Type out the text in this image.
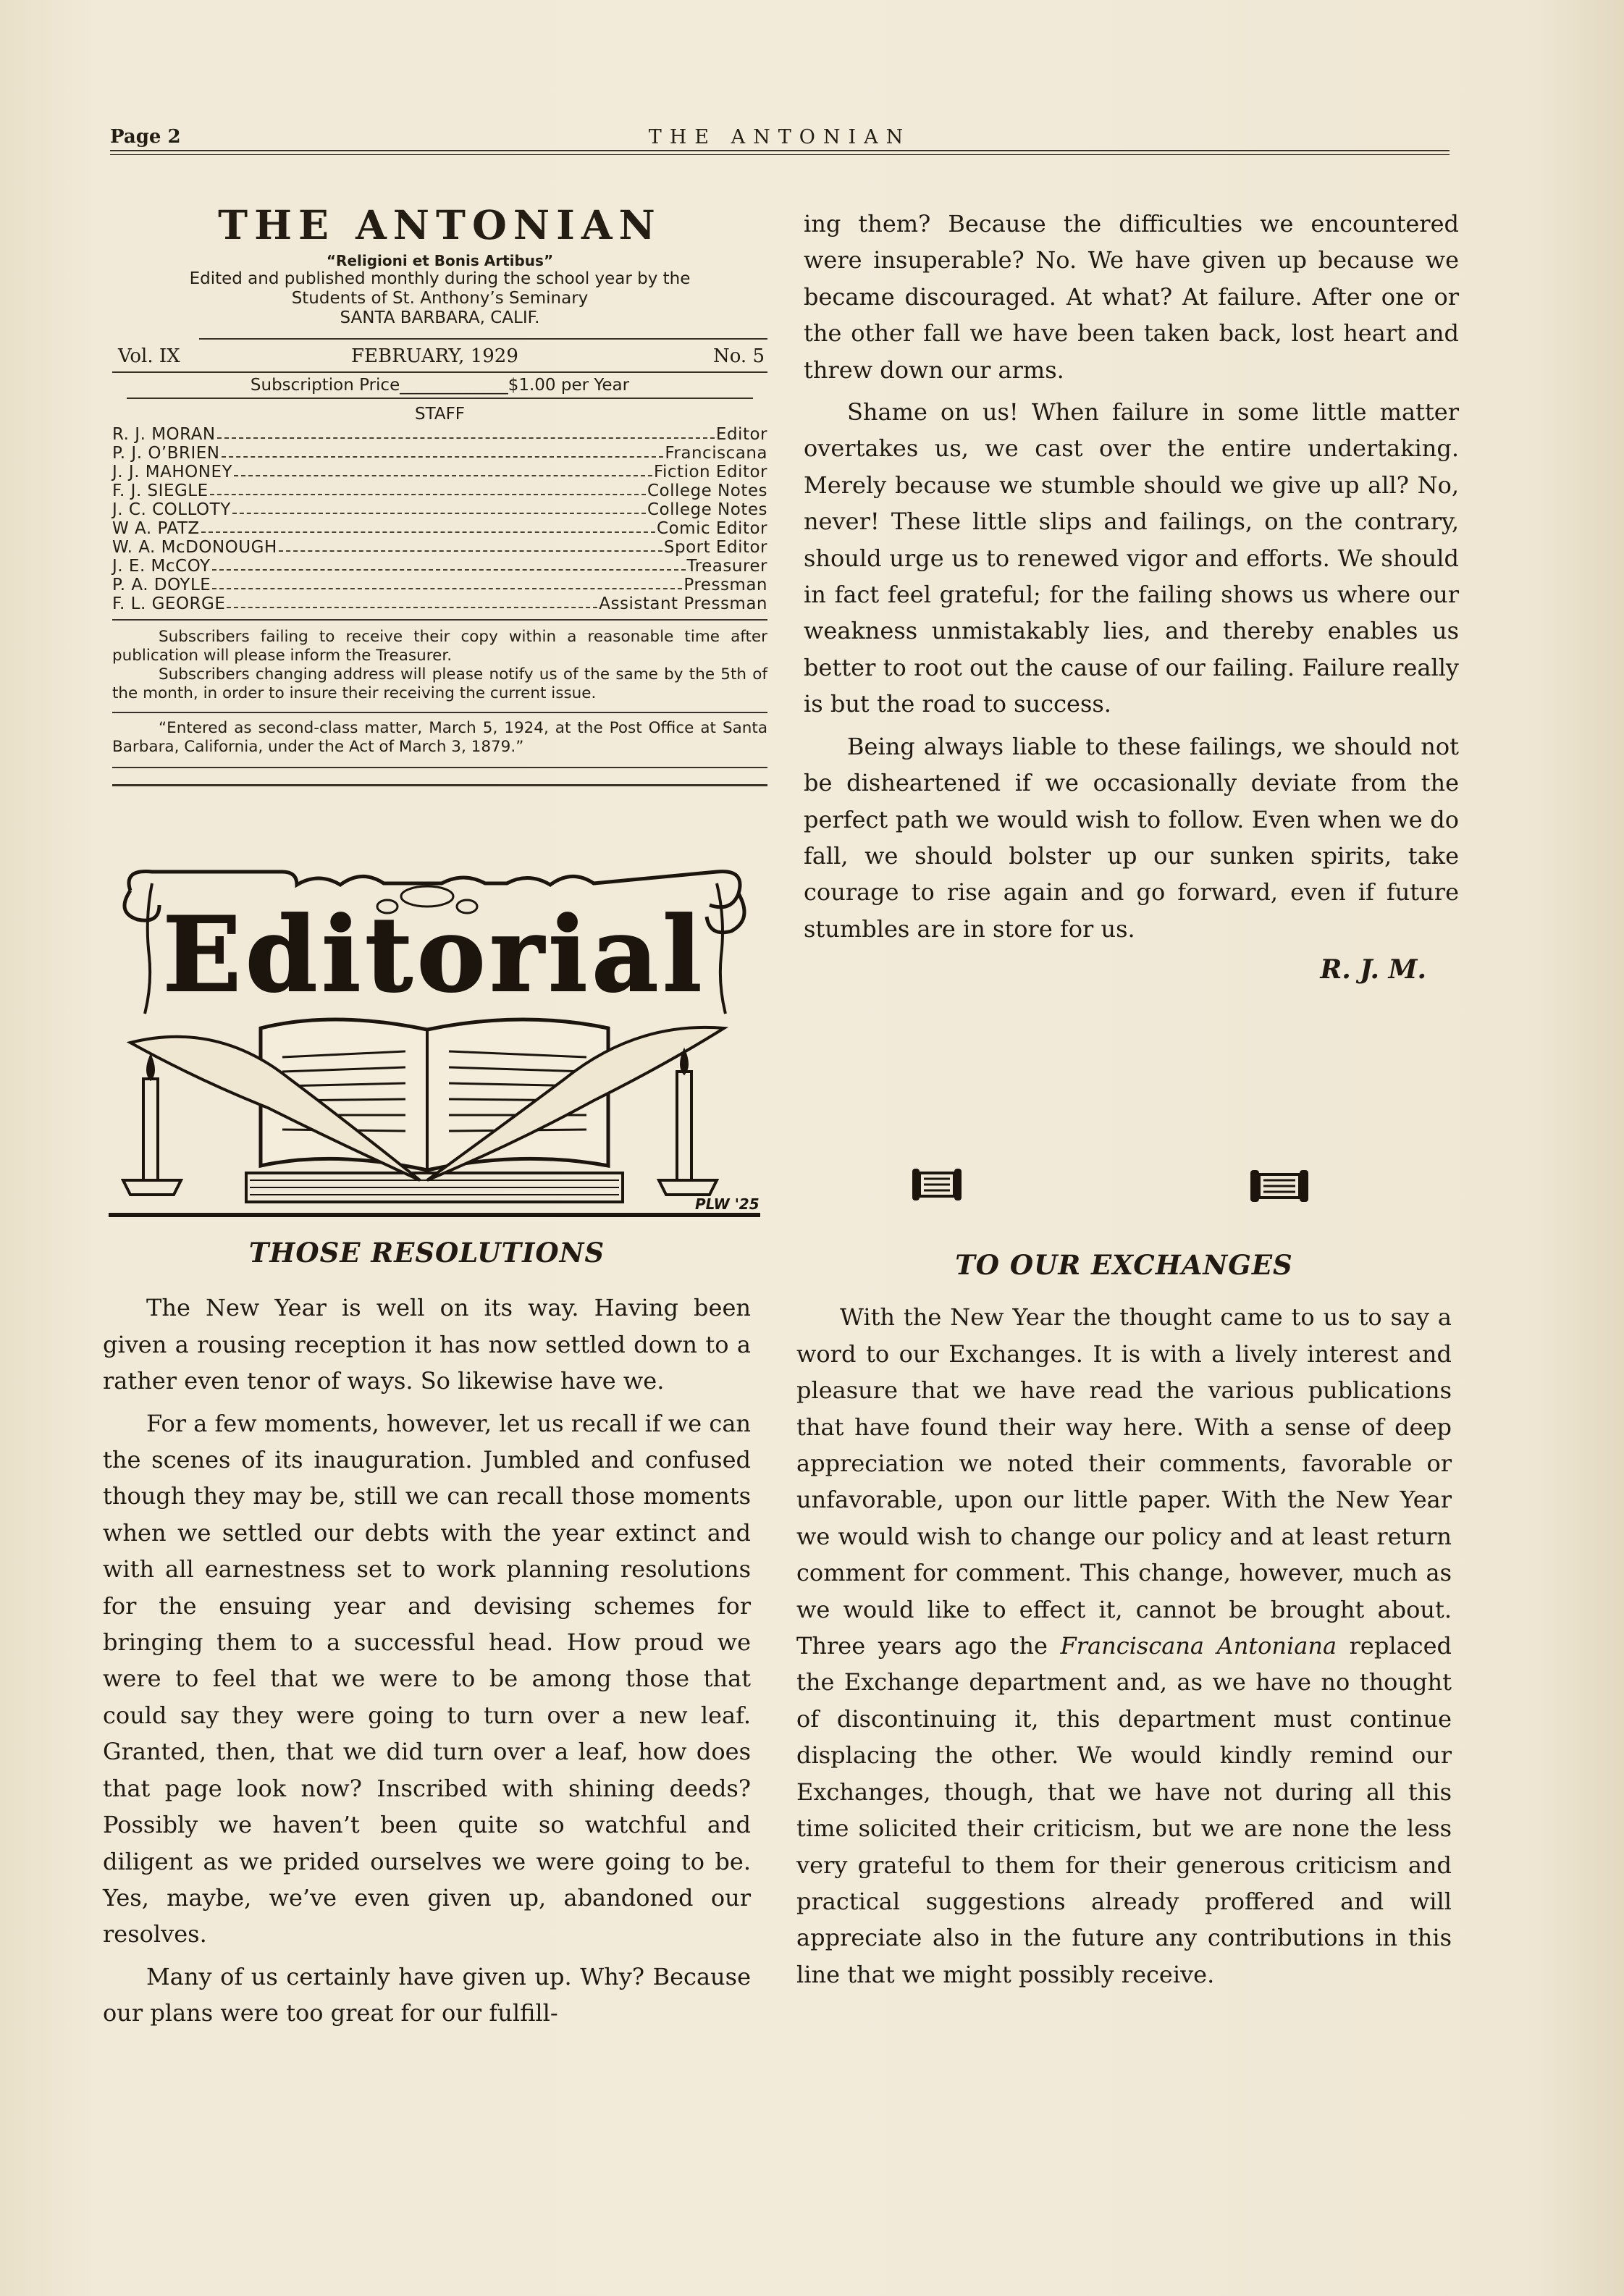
Page 2	THE ANTONIAN
THE ANTONIAN
“Religioni et Bonis Artibus”
Edited and published monthly during the school year by the
Students of St. Anthony’s Seminary
SANTA BARBARA, CALIF.
Vol. IX	FEBRUARY, 1929	No. 5
Subscription Price_____________$1.00 per Year
STAFF
R. J. MORAN	Editor
P. J. O’BRIEN	Franciscana
J. J. MAHONEY	Fiction Editor
F. J. SIEGLE	College Notes
J. C. COLLOTY	College Notes
W A. PATZ	Comic Editor
W. A. McDONOUGH	Sport Editor
J. E. McCOY	Treasurer
P. A. DOYLE	Pressman
F. L. GEORGE	Assistant Pressman

Subscribers failing to receive their copy within a reasonable time after publication will please inform the Treasurer.

Subscribers changing address will please notify us of the same by the 5th of the month, in order to insure their receiving the current issue.

“Entered as second-class matter, March 5, 1924, at the Post Office at Santa Barbara, California, under the Act of March 3, 1879.”

Editorial
PLW '25
THOSE RESOLUTIONS

The New Year is well on its way. Having been given a rousing reception it has now settled down to a rather even tenor of ways. So likewise have we.

For a few moments, however, let us recall if we can the scenes of its inauguration. Jumbled and confused though they may be, still we can recall those moments when we settled our debts with the year extinct and with all earnestness set to work planning resolutions for the ensuing year and devising schemes for bringing them to a successful head. How proud we were to feel that we were to be among those that could say they were going to turn over a new leaf. Granted, then, that we did turn over a leaf, how does that page look now? Inscribed with shining deeds? Possibly we haven’t been quite so watchful and diligent as we prided ourselves we were going to be. Yes, maybe, we’ve even given up, abandoned our resolves.

Many of us certainly have given up. Why? Because our plans were too great for our fulfill-

ing them? Because the difficulties we encountered were insuperable? No. We have given up because we became discouraged. At what? At failure. After one or the other fall we have been taken back, lost heart and threw down our arms.

Shame on us! When failure in some little matter overtakes us, we cast over the entire undertaking. Merely because we stumble should we give up all? No, never! These little slips and failings, on the contrary, should urge us to renewed vigor and efforts. We should in fact feel grateful; for the failing shows us where our weakness unmistakably lies, and thereby enables us better to root out the cause of our failing. Failure really is but the road to success.

Being always liable to these failings, we should not be disheartened if we occasionally deviate from the perfect path we would wish to follow. Even when we do fall, we should bolster up our sunken spirits, take courage to rise again and go forward, even if future stumbles are in store for us.

R. J. M.
TO OUR EXCHANGES

With the New Year the thought came to us to say a word to our Exchanges. It is with a lively interest and pleasure that we have read the various publications that have found their way here. With a sense of deep appreciation we noted their comments, favorable or unfavorable, upon our little paper. With the New Year we would wish to change our policy and at least return comment for comment. This change, however, much as we would like to effect it, cannot be brought about. Three years ago the Franciscana Antoniana replaced the Exchange department and, as we have no thought of discontinuing it, this department must continue displacing the other. We would kindly remind our Exchanges, though, that we have not during all this time solicited their criticism, but we are none the less very grateful to them for their generous criticism and practical suggestions already proffered and will appreciate also in the future any contributions in this line that we might possibly receive.
